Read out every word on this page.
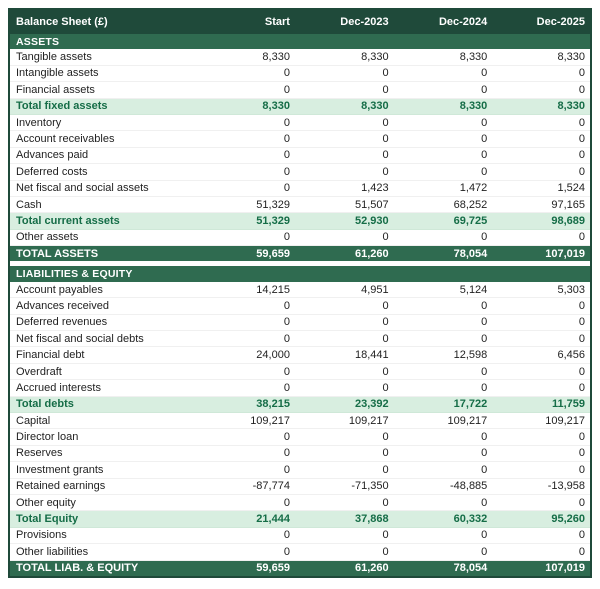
Balance Sheet (£)	Start	Dec-2023	Dec-2024	Dec-2025
ASSETS				
Tangible assets	8,330	8,330	8,330	8,330
Intangible assets	0	0	0	0
Financial assets	0	0	0	0
Total fixed assets	8,330	8,330	8,330	8,330
Inventory	0	0	0	0
Account receivables	0	0	0	0
Advances paid	0	0	0	0
Deferred costs	0	0	0	0
Net fiscal and social assets	0	1,423	1,472	1,524
Cash	51,329	51,507	68,252	97,165
Total current assets	51,329	52,930	69,725	98,689
Other assets	0	0	0	0
TOTAL ASSETS	59,659	61,260	78,054	107,019

LIABILITIES & EQUITY				
Account payables	14,215	4,951	5,124	5,303
Advances received	0	0	0	0
Deferred revenues	0	0	0	0
Net fiscal and social debts	0	0	0	0
Financial debt	24,000	18,441	12,598	6,456
Overdraft	0	0	0	0
Accrued interests	0	0	0	0
Total debts	38,215	23,392	17,722	11,759
Capital	109,217	109,217	109,217	109,217
Director loan	0	0	0	0
Reserves	0	0	0	0
Investment grants	0	0	0	0
Retained earnings	-87,774	-71,350	-48,885	-13,958
Other equity	0	0	0	0
Total Equity	21,444	37,868	60,332	95,260
Provisions	0	0	0	0
Other liabilities	0	0	0	0
TOTAL LIAB. & EQUITY	59,659	61,260	78,054	107,019
